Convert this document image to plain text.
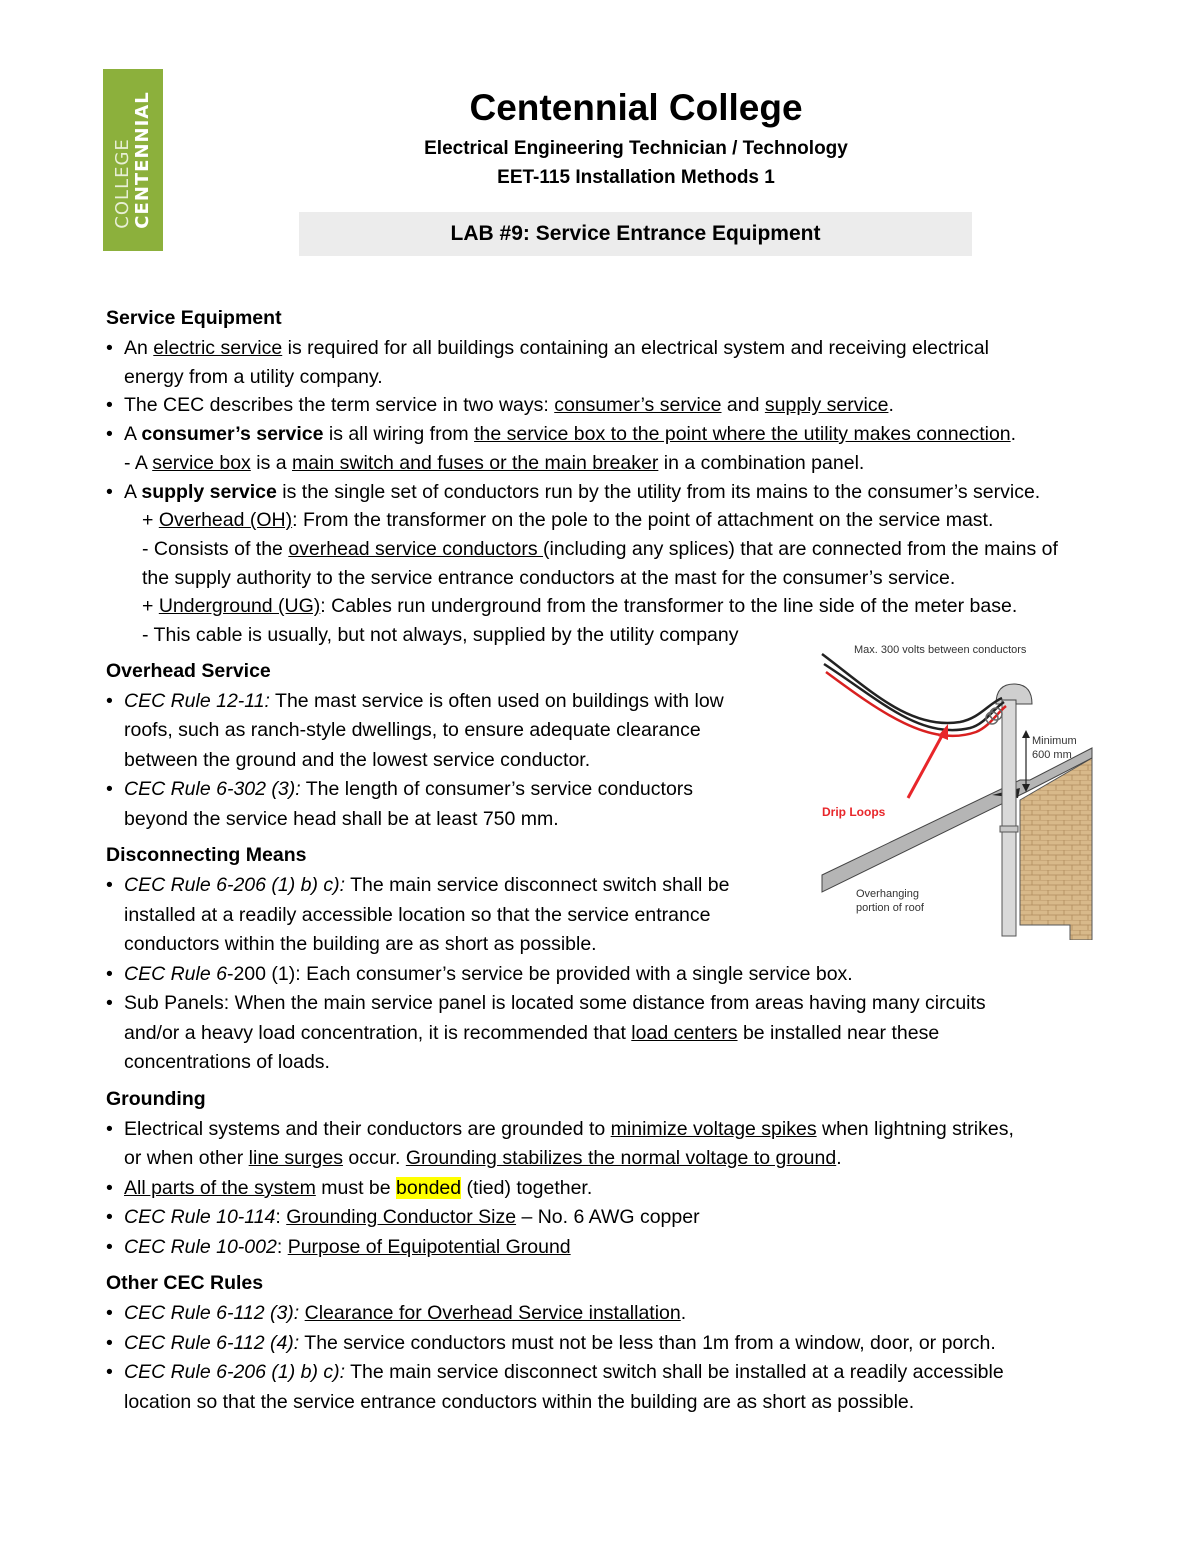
COLLEGE CENTENNIAL	Centennial College
Electrical Engineering Technician / Technology
EET-115 Installation Methods 1
LAB #9: Service Entrance Equipment
Service Equipment
• An electric service is required for all buildings containing an electrical system and receiving electrical
energy from a utility company.
• The CEC describes the term service in two ways: consumer’s service and supply service.
• A consumer’s service is all wiring from the service box to the point where the utility makes connection.
- A service box is a main switch and fuses or the main breaker in a combination panel.
• A supply service is the single set of conductors run by the utility from its mains to the consumer’s service.
+ Overhead (OH): From the transformer on the pole to the point of attachment on the service mast.
- Consists of the overhead service conductors (including any splices) that are connected from the mains of
the supply authority to the service entrance conductors at the mast for the consumer’s service.
+ Underground (UG): Cables run underground from the transformer to the line side of the meter base.
- This cable is usually, but not always, supplied by the utility company
Overhead Service
• CEC Rule 12-11: The mast service is often used on buildings with low
roofs, such as ranch-style dwellings, to ensure adequate clearance
between the ground and the lowest service conductor.
• CEC Rule 6-302 (3): The length of consumer’s service conductors
beyond the service head shall be at least 750 mm.
Disconnecting Means
• CEC Rule 6-206 (1) b) c): The main service disconnect switch shall be
installed at a readily accessible location so that the service entrance
conductors within the building are as short as possible.
• CEC Rule 6-200 (1): Each consumer’s service be provided with a single service box.
• Sub Panels: When the main service panel is located some distance from areas having many circuits
and/or a heavy load concentration, it is recommended that load centers be installed near these
concentrations of loads.
Grounding
• Electrical systems and their conductors are grounded to minimize voltage spikes when lightning strikes,
or when other line surges occur. Grounding stabilizes the normal voltage to ground.
• All parts of the system must be bonded (tied) together.
• CEC Rule 10-114: Grounding Conductor Size – No. 6 AWG copper
• CEC Rule 10-002: Purpose of Equipotential Ground
Other CEC Rules
• CEC Rule 6-112 (3): Clearance for Overhead Service installation.
• CEC Rule 6-112 (4): The service conductors must not be less than 1m from a window, door, or porch.
• CEC Rule 6-206 (1) b) c): The main service disconnect switch shall be installed at a readily accessible
location so that the service entrance conductors within the building are as short as possible.
Max. 300 volts between conductors
Minimum
600 mm
Drip Loops
Overhanging
portion of roof
